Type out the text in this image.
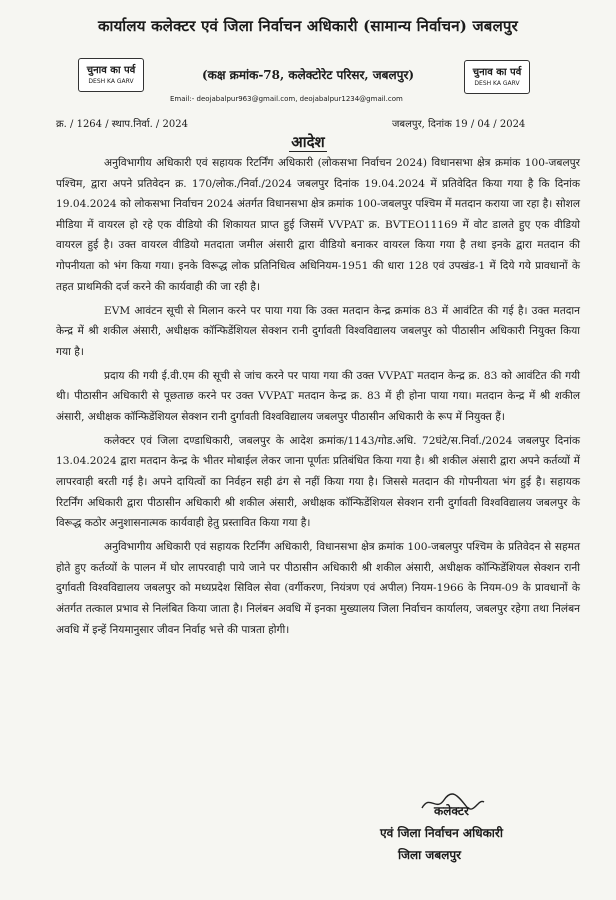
कार्यालय कलेक्टर एवं जिला निर्वाचन अधिकारी (सामान्य निर्वाचन) जबलपुर
चुनाव का पर्व
DESH KA GARV	(कक्ष क्रमांक-78, कलेक्टोरेट परिसर, जबलपुर)	चुनाव का पर्व
DESH KA GARV
Email:- deojabalpur963@gmail.com, deojabalpur1234@gmail.com
क्र. / 1264 / स्थाप.निर्वा. / 2024	जबलपुर, दिनांक 19 / 04 / 2024
आदेश

अनुविभागीय अधिकारी एवं सहायक रिटर्निंग अधिकारी (लोकसभा निर्वाचन 2024) विधानसभा क्षेत्र क्रमांक 100-जबलपुर पश्चिम, द्वारा अपने प्रतिवेदन क्र. 170/लोक./निर्वा./2024 जबलपुर दिनांक 19.04.2024 में प्रतिवेदित किया गया है कि दिनांक 19.04.2024 को लोकसभा निर्वाचन 2024 अंतर्गत विधानसभा क्षेत्र क्रमांक 100-जबलपुर पश्चिम में मतदान कराया जा रहा है। सोशल मीडिया में वायरल हो रहे एक वीडियो की शिकायत प्राप्त हुई जिसमें VVPAT क्र. BVTEO11169 में वोट डालते हुए एक वीडियो वायरल हुई है। उक्त वायरल वीडियो मतदाता जमील अंसारी द्वारा वीडियो बनाकर वायरल किया गया है तथा इनके द्वारा मतदान की गोपनीयता को भंग किया गया। इनके विरूद्ध लोक प्रतिनिधित्व अधिनियम-1951 की धारा 128 एवं उपखंड-1 में दिये गये प्रावधानों के तहत प्राथमिकी दर्ज करने की कार्यवाही की जा रही है।

EVM आवंटन सूची से मिलान करने पर पाया गया कि उक्त मतदान केन्द्र क्रमांक 83 में आवंटित की गई है। उक्त मतदान केन्द्र में श्री शकील अंसारी, अधीक्षक कॉन्फिडेंशियल सेक्शन रानी दुर्गावती विश्वविद्यालय जबलपुर को पीठासीन अधिकारी नियुक्त किया गया है।

प्रदाय की गयी ई.वी.एम की सूची से जांच करने पर पाया गया की उक्त VVPAT मतदान केन्द्र क्र. 83 को आवंटित की गयी थी। पीठासीन अधिकारी से पूछताछ करने पर उक्त VVPAT मतदान केन्द्र क्र. 83 में ही होना पाया गया। मतदान केन्द्र में श्री शकील अंसारी, अधीक्षक कॉन्फिडेंशियल सेक्शन रानी दुर्गावती विश्वविद्यालय जबलपुर पीठासीन अधिकारी के रूप में नियुक्त हैं।

कलेक्टर एवं जिला दण्डाधिकारी, जबलपुर के आदेश क्रमांक/1143/गोड.अधि. 72घंटे/स.निर्वा./2024 जबलपुर दिनांक 13.04.2024 द्वारा मतदान केन्द्र के भीतर मोबाईल लेकर जाना पूर्णतः प्रतिबंधित किया गया है। श्री शकील अंसारी द्वारा अपने कर्तव्यों में लापरवाही बरती गई है। अपने दायित्वों का निर्वहन सही ढंग से नहीं किया गया है। जिससे मतदान की गोपनीयता भंग हुई है। सहायक रिटर्निंग अधिकारी द्वारा पीठासीन अधिकारी श्री शकील अंसारी, अधीक्षक कॉन्फिडेंशियल सेक्शन रानी दुर्गावती विश्वविद्यालय जबलपुर के विरूद्ध कठोर अनुशासनात्मक कार्यवाही हेतु प्रस्तावित किया गया है।

अनुविभागीय अधिकारी एवं सहायक रिटर्निंग अधिकारी, विधानसभा क्षेत्र क्रमांक 100-जबलपुर पश्चिम के प्रतिवेदन से सहमत होते हुए कर्तव्यों के पालन में घोर लापरवाही पाये जाने पर पीठासीन अधिकारी श्री शकील अंसारी, अधीक्षक कॉन्फिडेंशियल सेक्शन रानी दुर्गावती विश्वविद्यालय जबलपुर को मध्यप्रदेश सिविल सेवा (वर्गीकरण, नियंत्रण एवं अपील) नियम-1966 के नियम-09 के प्रावधानों के अंतर्गत तत्काल प्रभाव से निलंबित किया जाता है। निलंबन अवधि में इनका मुख्यालय जिला निर्वाचन कार्यालय, जबलपुर रहेगा तथा निलंबन अवधि में इन्हें नियमानुसार जीवन निर्वाह भत्ते की पात्रता होगी।

कलेक्टर
एवं जिला निर्वाचन अधिकारी
जिला जबलपुर
